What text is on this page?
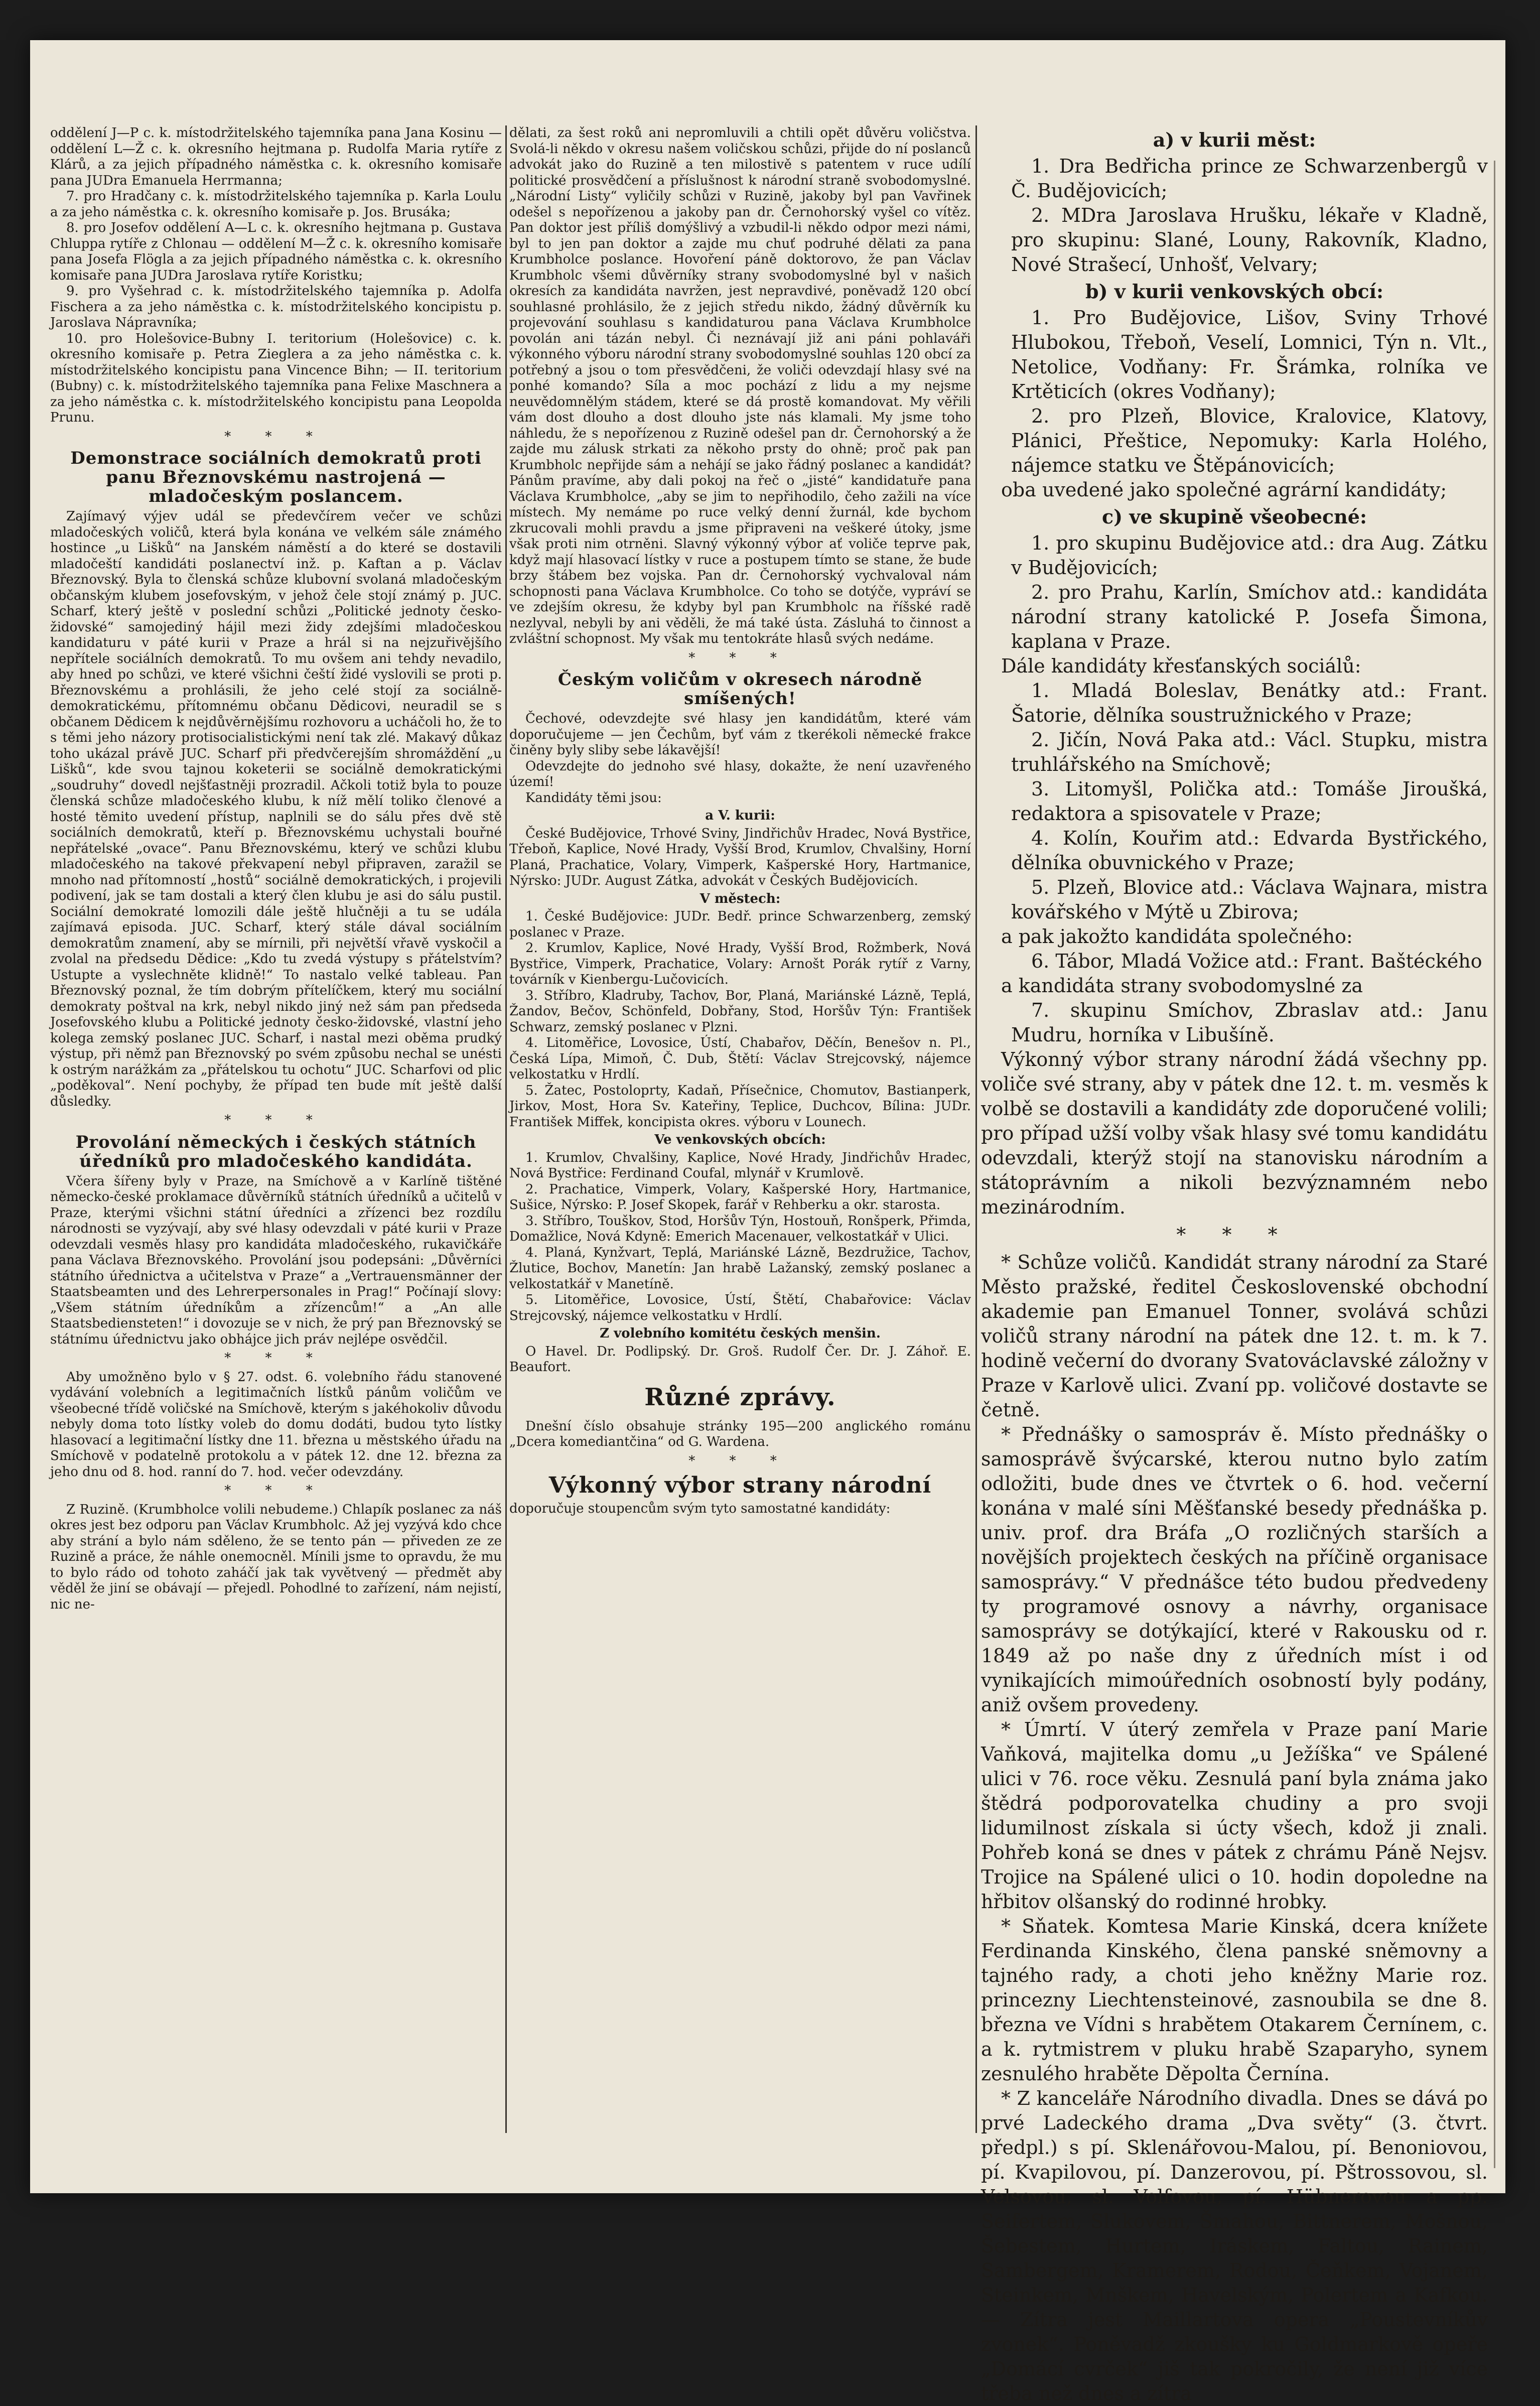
oddělení J—P c. k. místodržitelského tajemníka pana Jana Kosinu — oddělení L—Ž c. k. okresního hejtmana p. Rudolfa Maria rytíře z Klárů, a za jejich případného náměstka c. k. okresního komisaře pana JUDra Emanuela Herrmanna;

7. pro Hradčany c. k. místodržitelského tajemníka p. Karla Loulu a za jeho náměstka c. k. okresního komisaře p. Jos. Brusáka;

8. pro Josefov oddělení A—L c. k. okresního hejtmana p. Gustava Chluppa rytíře z Chlonau — oddělení M—Ž c. k. okresního komisaře pana Josefa Flögla a za jejich případného náměstka c. k. okresního komisaře pana JUDra Jaroslava rytíře Koristku;

9. pro Vyšehrad c. k. místodržitelského tajemníka p. Adolfa Fischera a za jeho náměstka c. k. místodržitelského koncipistu p. Jaroslava Nápravníka;

10. pro Holešovice-Bubny I. teritorium (Holešovice) c. k. okresního komisaře p. Petra Zieglera a za jeho náměstka c. k. místodržitelského koncipistu pana Vincence Bihn; — II. teritorium (Bubny) c. k. místodržitelského tajemníka pana Felixe Maschnera a za jeho náměstka c. k. místodržitelského koncipistu pana Leopolda Prunu.

* * *
Demonstrace sociálních demokratů proti panu Březnovskému nastrojená — mladočeským poslancem.

Zajímavý výjev udál se předevčírem večer ve schůzi mladočeských voličů, která byla konána ve velkém sále známého hostince „u Lišků“ na Janském náměstí a do které se dostavili mladočeští kandidáti poslanectví inž. p. Kaftan a p. Václav Březnovský. Byla to členská schůze klubovní svolaná mladočeským občanským klubem josefovským, v jehož čele stojí známý p. JUC. Scharf, který ještě v poslední schůzi „Politické jednoty česko-židovské“ samojediný hájil mezi židy zdejšími mladočeskou kandidaturu v páté kurii v Praze a hrál si na nejzuřivějšího nepřítele sociálních demokratů. To mu ovšem ani tehdy nevadilo, aby hned po schůzi, ve které všichni čeští židé vyslovili se proti p. Březnovskému a prohlásili, že jeho celé stojí za sociálně-demokratickému, přítomnému občanu Dědicovi, neuradil se s občanem Dědicem k nejdůvěrnějšímu rozhovoru a ucháčoli ho, že to s těmi jeho názory protisocialistickými není tak zlé. Makavý důkaz toho ukázal právě JUC. Scharf při předvčerejším shromáždění „u Lišků“, kde svou tajnou koketerii se sociálně demokratickými „soudruhy“ dovedl nejšťastněji prozradil. Ačkoli totiž byla to pouze členská schůze mladočeského klubu, k níž mělí toliko členové a hosté těmito uvedení přístup, naplnili se do sálu přes dvě stě sociálních demokratů, kteří p. Březnovskému uchystali bouřné nepřátelské „ovace“. Panu Březnovskému, který ve schůzi klubu mladočeského na takové překvapení nebyl připraven, zaražil se mnoho nad přítomností „hostů“ sociálně demokratických, i projevili podivení, jak se tam dostali a který člen klubu je asi do sálu pustil. Sociální demokraté lomozili dále ještě hlučněji a tu se udála zajímavá episoda. JUC. Scharf, který stále dával sociálním demokratům znamení, aby se mírnili, při největší vřavě vyskočil a zvolal na předsedu Dědice: „Kdo tu zvedá výstupy s přátelstvím? Ustupte a vyslechněte klidně!“ To nastalo velké tableau. Pan Březnovský poznal, že tím dobrým přítelíčkem, který mu sociální demokraty poštval na krk, nebyl nikdo jiný než sám pan předseda Josefovského klubu a Politické jednoty česko-židovské, vlastní jeho kolega zemský poslanec JUC. Scharf, i nastal mezi oběma prudký výstup, při němž pan Březnovský po svém způsobu nechal se unésti k ostrým narážkám za „přátelskou tu ochotu“ JUC. Scharfovi od plic „poděkoval“. Není pochyby, že případ ten bude mít ještě další důsledky.

* * *
Provolání německých i českých státních úředníků pro mladočeského kandidáta.

Včera šířeny byly v Praze, na Smíchově a v Karlíně tištěné německo-české proklamace důvěrníků státních úředníků a učitelů v Praze, kterými všichni státní úředníci a zřízenci bez rozdílu národnosti se vyzývají, aby své hlasy odevzdali v páté kurii v Praze odevzdali vesměs hlasy pro kandidáta mladočeského, rukavičkáře pana Václava Březnovského. Provolání jsou podepsáni: „Důvěrníci státního úřednictva a učitelstva v Praze“ a „Vertrauensmänner der Staatsbeamten und des Lehrerpersonales in Prag!“ Počínají slovy: „Všem státním úředníkům a zřízencům!“ a „An alle Staatsbediensteten!“ i dovozuje se v nich, že prý pan Březnovský se státnímu úřednictvu jako obhájce jich práv nejlépe osvědčil.

* * *

Aby umožněno bylo v § 27. odst. 6. volebního řádu stanovené vydávání volebních a legitimačních lístků pánům voličům ve všeobecné třídě voličské na Smíchově, kterým s jakéhokoliv důvodu nebyly doma toto lístky voleb do domu dodáti, budou tyto lístky hlasovací a legitimační lístky dne 11. března u městského úřadu na Smíchově v podatelně protokolu a v pátek 12. dne 12. března za jeho dnu od 8. hod. ranní do 7. hod. večer odevzdány.

* * *

Z Ruzině. (Krumbholce volili nebudeme.) Chlapík poslanec za náš okres jest bez odporu pan Václav Krumbholc. Až jej vyzývá kdo chce aby strání a bylo nám sděleno, že se tento pán — přiveden ze ze Ruzině a práce, že náhle onemocněl. Mínili jsme to opravdu, že mu to bylo rádo od tohoto zaháčí jak tak vyvětvený — předmět aby věděl že jiní se obávají — přejedl. Pohodlné to zařízení, nám nejistí, nic ne-

dělati, za šest roků ani nepromluvili a chtili opět důvěru voličstva. Svolá-li někdo v okresu našem voličskou schůzi, přijde do ní poslanců advokát jako do Ruzině a ten milostivě s patentem v ruce udílí politické prosvědčení a příslušnost k národní straně svobodomyslné. „Národní Listy“ vyličily schůzi v Ruzině, jakoby byl pan Vavřinek odešel s nepořízenou a jakoby pan dr. Černohorský vyšel co vítěz. Pan doktor jest příliš domýšlivý a vzbudil-li někdo odpor mezi námi, byl to jen pan doktor a zajde mu chuť podruhé dělati za pana Krumbholce poslance. Hovoření páně doktorovo, že pan Václav Krumbholc všemi důvěrníky strany svobodomyslné byl v našich okresích za kandidáta navržen, jest nepravdivé, poněvadž 120 obcí souhlasné prohlásilo, že z jejich středu nikdo, žádný důvěrník ku projevování souhlasu s kandidaturou pana Václava Krumbholce povolán ani tázán nebyl. Či neznávají již ani páni pohlaváři výkonného výboru národní strany svobodomyslné souhlas 120 obcí za potřebný a jsou o tom přesvědčeni, že voliči odevzdají hlasy své na ponhé komando? Síla a moc pochází z lidu a my nejsme neuvědomnělým stádem, které se dá prostě komandovat. My věřili vám dost dlouho a dost dlouho jste nás klamali. My jsme toho náhledu, že s nepořízenou z Ruzině odešel pan dr. Černohorský a že zajde mu zálusk strkati za někoho prsty do ohně; proč pak pan Krumbholc nepřijde sám a nehájí se jako řádný poslanec a kandidát? Pánům pravíme, aby dali pokoj na řeč o „jisté“ kandidatuře pana Václava Krumbholce, „aby se jim to nepřihodilo, čeho zažili na více místech. My nemáme po ruce velký denní žurnál, kde bychom zkrucovali mohli pravdu a jsme připraveni na veškeré útoky, jsme však proti nim otrněni. Slavný výkonný výbor ať voliče teprve pak, když mají hlasovací lístky v ruce a postupem tímto se stane, že bude brzy štábem bez vojska. Pan dr. Černohorský vychvaloval nám schopnosti pana Václava Krumbholce. Co toho se dotýče, vypráví se ve zdejším okresu, že kdyby byl pan Krumbholc na říšské radě nezlyval, nebyli by ani věděli, že má také ústa. Zásluhá to činnost a zvláštní schopnost. My však mu tentokráte hlasů svých nedáme.

* * *
Českým voličům v okresech národně smíšených!

Čechové, odevzdejte své hlasy jen kandidátům, které vám doporučujeme — jen Čechům, byť vám z tkerékoli německé frakce činěny byly sliby sebe lákavější!

Odevzdejte do jednoho své hlasy, dokažte, že není uzavřeného území!

Kandidáty těmi jsou:

a V. kurii:

České Budějovice, Trhové Sviny, Jindřichův Hradec, Nová Bystřice, Třeboň, Kaplice, Nové Hrady, Vyšší Brod, Krumlov, Chvalšiny, Horní Planá, Prachatice, Volary, Vimperk, Kašperské Hory, Hartmanice, Nýrsko: JUDr. August Zátka, advokát v Českých Budějovicích.

V městech:

1. České Budějovice: JUDr. Bedř. prince Schwarzenberg, zemský poslanec v Praze.

2. Krumlov, Kaplice, Nové Hrady, Vyšší Brod, Rožmberk, Nová Bystřice, Vimperk, Prachatice, Volary: Arnošt Porák rytíř z Varny, továrník v Kienbergu-Lučovicích.

3. Stříbro, Kladruby, Tachov, Bor, Planá, Mariánské Lázně, Teplá, Žandov, Bečov, Schönfeld, Dobřany, Stod, Horšův Týn: František Schwarz, zemský poslanec v Plzni.

4. Litoměřice, Lovosice, Ústí, Chabařov, Děčín, Benešov n. Pl., Česká Lípa, Mimoň, Č. Dub, Štětí: Václav Strejcovský, nájemce velkostatku v Hrdlí.

5. Žatec, Postoloprty, Kadaň, Přísečnice, Chomutov, Bastianperk, Jirkov, Most, Hora Sv. Kateřiny, Teplice, Duchcov, Bílina: JUDr. František Miffek, koncipista okres. výboru v Lounech.

Ve venkovských obcích:

1. Krumlov, Chvalšiny, Kaplice, Nové Hrady, Jindřichův Hradec, Nová Bystřice: Ferdinand Coufal, mlynář v Krumlově.

2. Prachatice, Vimperk, Volary, Kašperské Hory, Hartmanice, Sušice, Nýrsko: P. Josef Skopek, farář v Rehberku a okr. starosta.

3. Stříbro, Touškov, Stod, Horšův Týn, Hostouň, Ronšperk, Přimda, Domažlice, Nová Kdyně: Emerich Macenauer, velkostatkář v Ulici.

4. Planá, Kynžvart, Teplá, Mariánské Lázně, Bezdružice, Tachov, Žlutice, Bochov, Manetín: Jan hrabě Lažanský, zemský poslanec a velkostatkář v Manetíně.

5. Litoměřice, Lovosice, Ústí, Štětí, Chabařovice: Václav Strejcovský, nájemce velkostatku v Hrdlí.

Z volebního komitétu českých menšin.

O Havel. Dr. Podlipský. Dr. Groš. Rudolf Čer. Dr. J. Záhoř. E. Beaufort.

Různé zprávy.

Dnešní číslo obsahuje stránky 195—200 anglického románu „Dcera komediantčina“ od G. Wardena.

* * *
Výkonný výbor strany národní

doporučuje stoupencům svým tyto samostatné kandidáty:

a) v kurii měst:

1. Dra Bedřicha prince ze Schwarzenbergů v Č. Budějovicích;

2. MDra Jaroslava Hrušku, lékaře v Kladně, pro skupinu: Slané, Louny, Rakovník, Kladno, Nové Strašecí, Unhošť, Velvary;

b) v kurii venkovských obcí:

1. Pro Budějovice, Lišov, Sviny Trhové Hlubokou, Třeboň, Veselí, Lomnici, Týn n. Vlt., Netolice, Vodňany: Fr. Šrámka, rolníka ve Krtěticích (okres Vodňany);

2. pro Plzeň, Blovice, Kralovice, Klatovy, Plánici, Přeštice, Nepomuky: Karla Holého, nájemce statku ve Štěpánovicích;

oba uvedené jako společné agrární kandidáty;

c) ve skupině všeobecné:

1. pro skupinu Budějovice atd.: dra Aug. Zátku v Budějovicích;

2. pro Prahu, Karlín, Smíchov atd.: kandidáta národní strany katolické P. Josefa Šimona, kaplana v Praze.

Dále kandidáty křesťanských sociálů:

1. Mladá Boleslav, Benátky atd.: Frant. Šatorie, dělníka soustružnického v Praze;

2. Jičín, Nová Paka atd.: Václ. Stupku, mistra truhlářského na Smíchově;

3. Litomyšl, Polička atd.: Tomáše Jiroušká, redaktora a spisovatele v Praze;

4. Kolín, Kouřim atd.: Edvarda Bystřického, dělníka obuvnického v Praze;

5. Plzeň, Blovice atd.: Václava Wajnara, mistra kovářského v Mýtě u Zbirova;

a pak jakožto kandidáta společného:

6. Tábor, Mladá Vožice atd.: Frant. Baštéckého

a kandidáta strany svobodomyslné za

7. skupinu Smíchov, Zbraslav atd.: Janu Mudru, horníka v Libušíně.

Výkonný výbor strany národní žádá všechny pp. voliče své strany, aby v pátek dne 12. t. m. vesměs k volbě se dostavili a kandidáty zde doporučené volili; pro případ užší volby však hlasy své tomu kandidátu odevzdali, kterýž stojí na stanovisku národním a státoprávním a nikoli bezvýznamném nebo mezinárodním.

* * *

* Schůze voličů. Kandidát strany národní za Staré Město pražské, ředitel Československé obchodní akademie pan Emanuel Tonner, svolává schůzi voličů strany národní na pátek dne 12. t. m. k 7. hodině večerní do dvorany Svatováclavské záložny v Praze v Karlově ulici. Zvaní pp. voličové dostavte se četně.

* Přednášky o samospráv ě. Místo přednášky o samosprávě švýcarské, kterou nutno bylo zatím odložiti, bude dnes ve čtvrtek o 6. hod. večerní konána v malé síni Měšťanské besedy přednáška p. univ. prof. dra Bráfa „O rozličných starších a novějších projektech českých na příčině organisace samosprávy.“ V přednášce této budou předvedeny ty programové osnovy a návrhy, organisace samosprávy se dotýkající, které v Rakousku od r. 1849 až po naše dny z úředních míst i od vynikajících mimoúředních osobností byly podány, aniž ovšem provedeny.

* Úmrtí. V úterý zemřela v Praze paní Marie Vaňková, majitelka domu „u Ježíška“ ve Spálené ulici v 76. roce věku. Zesnulá paní byla známa jako štědrá podporovatelka chudiny a pro svoji lidumilnost získala si úcty všech, kdož ji znali. Pohřeb koná se dnes v pátek z chrámu Páně Nejsv. Trojice na Spálené ulici o 10. hodin dopoledne na hřbitov olšanský do rodinné hrobky.

* Sňatek. Komtesa Marie Kinská, dcera knížete Ferdinanda Kinského, člena panské sněmovny a tajného rady, a choti jeho kněžny Marie roz. princezny Liechtensteinové, zasnoubila se dne 8. března ve Vídni s hrabětem Otakarem Černínem, c. a k. rytmistrem v pluku hrabě Szaparyho, synem zesnulého hraběte Děpolta Černína.

* Z kanceláře Národního divadla. Dnes se dává po prvé Ladeckého drama „Dva světy“ (3. čtvrt. předpl.) s pí. Sklenářovou-Malou, pí. Benoniovou, pí. Kvapilovou, pí. Danzerovou, pí. Pštrossovou, sl. Velsovou, sl. Volfovou, pí. Hübnerovou a pp. Seifertem, Slukovem, Šmahou, Bittnerem, Mošnou, Šebestem, Hurtem, Iráskem, Faltou, Rainem, Sambergem, Kramerem, Rodou, Čeňkem, Vojanem, Steinkem, Mnškem, Havelským, Polertem a Kafkou. — Zítra jest Maillartova opera „Poustevníkův zvonek“. Poněvadž zkoušky ku Goldmarkově opeře „Domácí cvrček“ jiš tak pokročily, že není již více třeba než dnes a zítra
